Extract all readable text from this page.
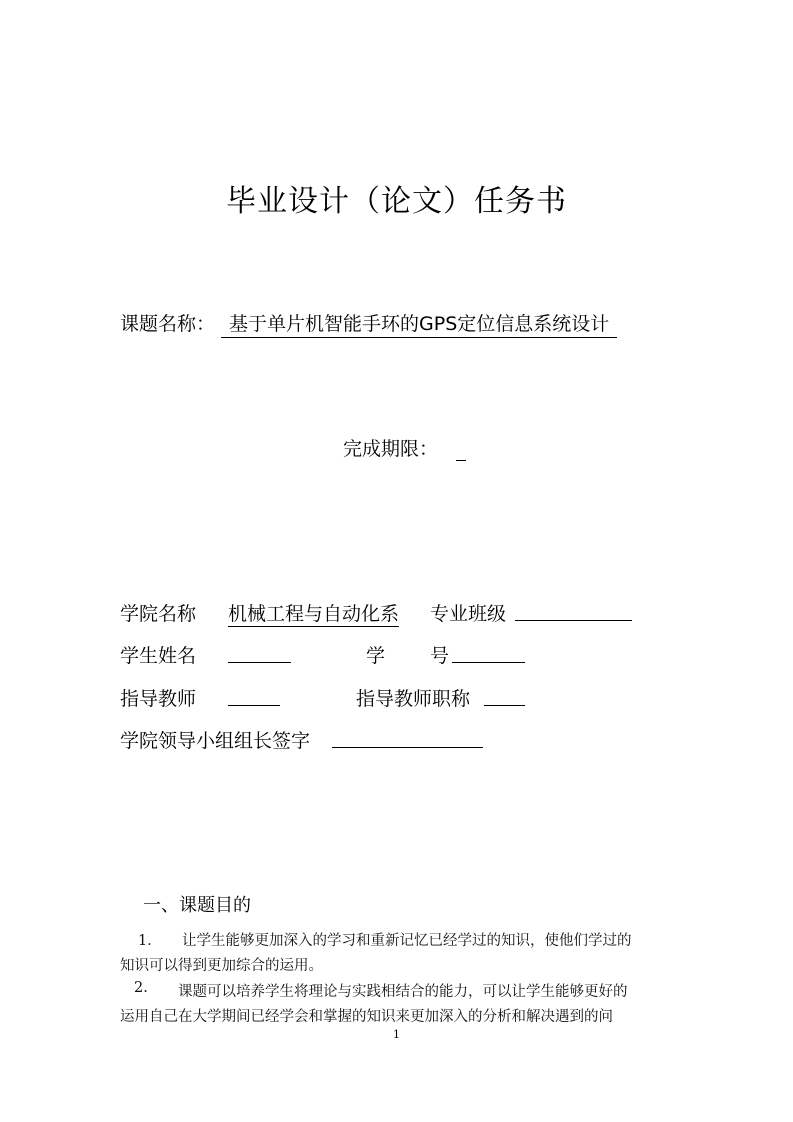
毕业设计（论文）任务书
课题名称： 基于单片机智能手环的GPS定位信息系统设计
完成期限：
学院名称 机械工程与自动化系 专业班级
学生姓名	学 号
指导教师	指导教师职称
学院领导小组组长签字
一、课题目的
1． 让学生能够更加深入的学习和重新记忆已经学过的知识，使他们学过的
知识可以得到更加综合的运用。
2. 课题可以培养学生将理论与实践相结合的能力，可以让学生能够更好的
运用自己在大学期间已经学会和掌握的知识来更加深入的分析和解决遇到的问
1
